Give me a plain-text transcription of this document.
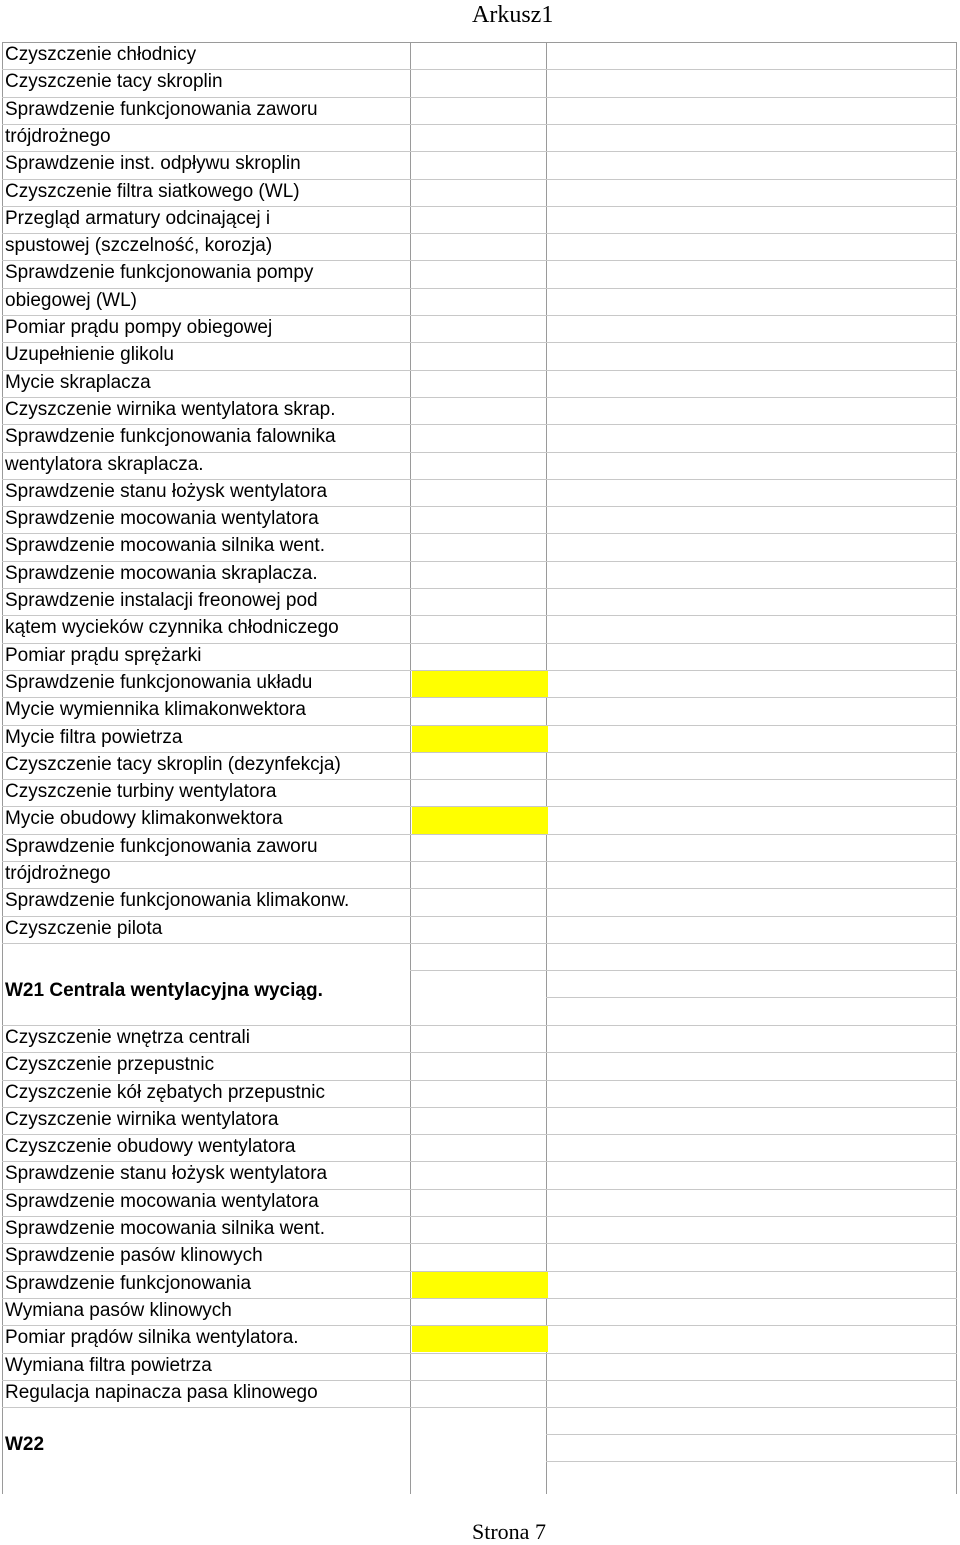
Arkusz1
Czyszczenie chłodnicy
Czyszczenie tacy skroplin
Sprawdzenie funkcjonowania zaworu
trójdrożnego
Sprawdzenie inst. odpływu skroplin
Czyszczenie filtra siatkowego (WL)
Przegląd armatury odcinającej i
spustowej (szczelność, korozja)
Sprawdzenie funkcjonowania pompy
obiegowej (WL)
Pomiar prądu pompy obiegowej
Uzupełnienie glikolu
Mycie skraplacza
Czyszczenie wirnika wentylatora skrap.
Sprawdzenie funkcjonowania falownika
wentylatora skraplacza.
Sprawdzenie stanu łożysk wentylatora
Sprawdzenie mocowania wentylatora
Sprawdzenie mocowania silnika went.
Sprawdzenie mocowania skraplacza.
Sprawdzenie instalacji freonowej pod
kątem wycieków czynnika chłodniczego
Pomiar prądu sprężarki
Sprawdzenie funkcjonowania układu
Mycie wymiennika klimakonwektora
Mycie filtra powietrza
Czyszczenie tacy skroplin (dezynfekcja)
Czyszczenie turbiny wentylatora
Mycie obudowy klimakonwektora
Sprawdzenie funkcjonowania zaworu
trójdrożnego
Sprawdzenie funkcjonowania klimakonw.
Czyszczenie pilota
W21 Centrala wentylacyjna wyciąg.
Czyszczenie wnętrza centrali
Czyszczenie przepustnic
Czyszczenie kół zębatych przepustnic
Czyszczenie wirnika wentylatora
Czyszczenie obudowy wentylatora
Sprawdzenie stanu łożysk wentylatora
Sprawdzenie mocowania wentylatora
Sprawdzenie mocowania silnika went.
Sprawdzenie pasów klinowych
Sprawdzenie funkcjonowania
Wymiana pasów klinowych
Pomiar prądów silnika wentylatora.
Wymiana filtra powietrza
Regulacja napinacza pasa klinowego
W22
Strona 7
